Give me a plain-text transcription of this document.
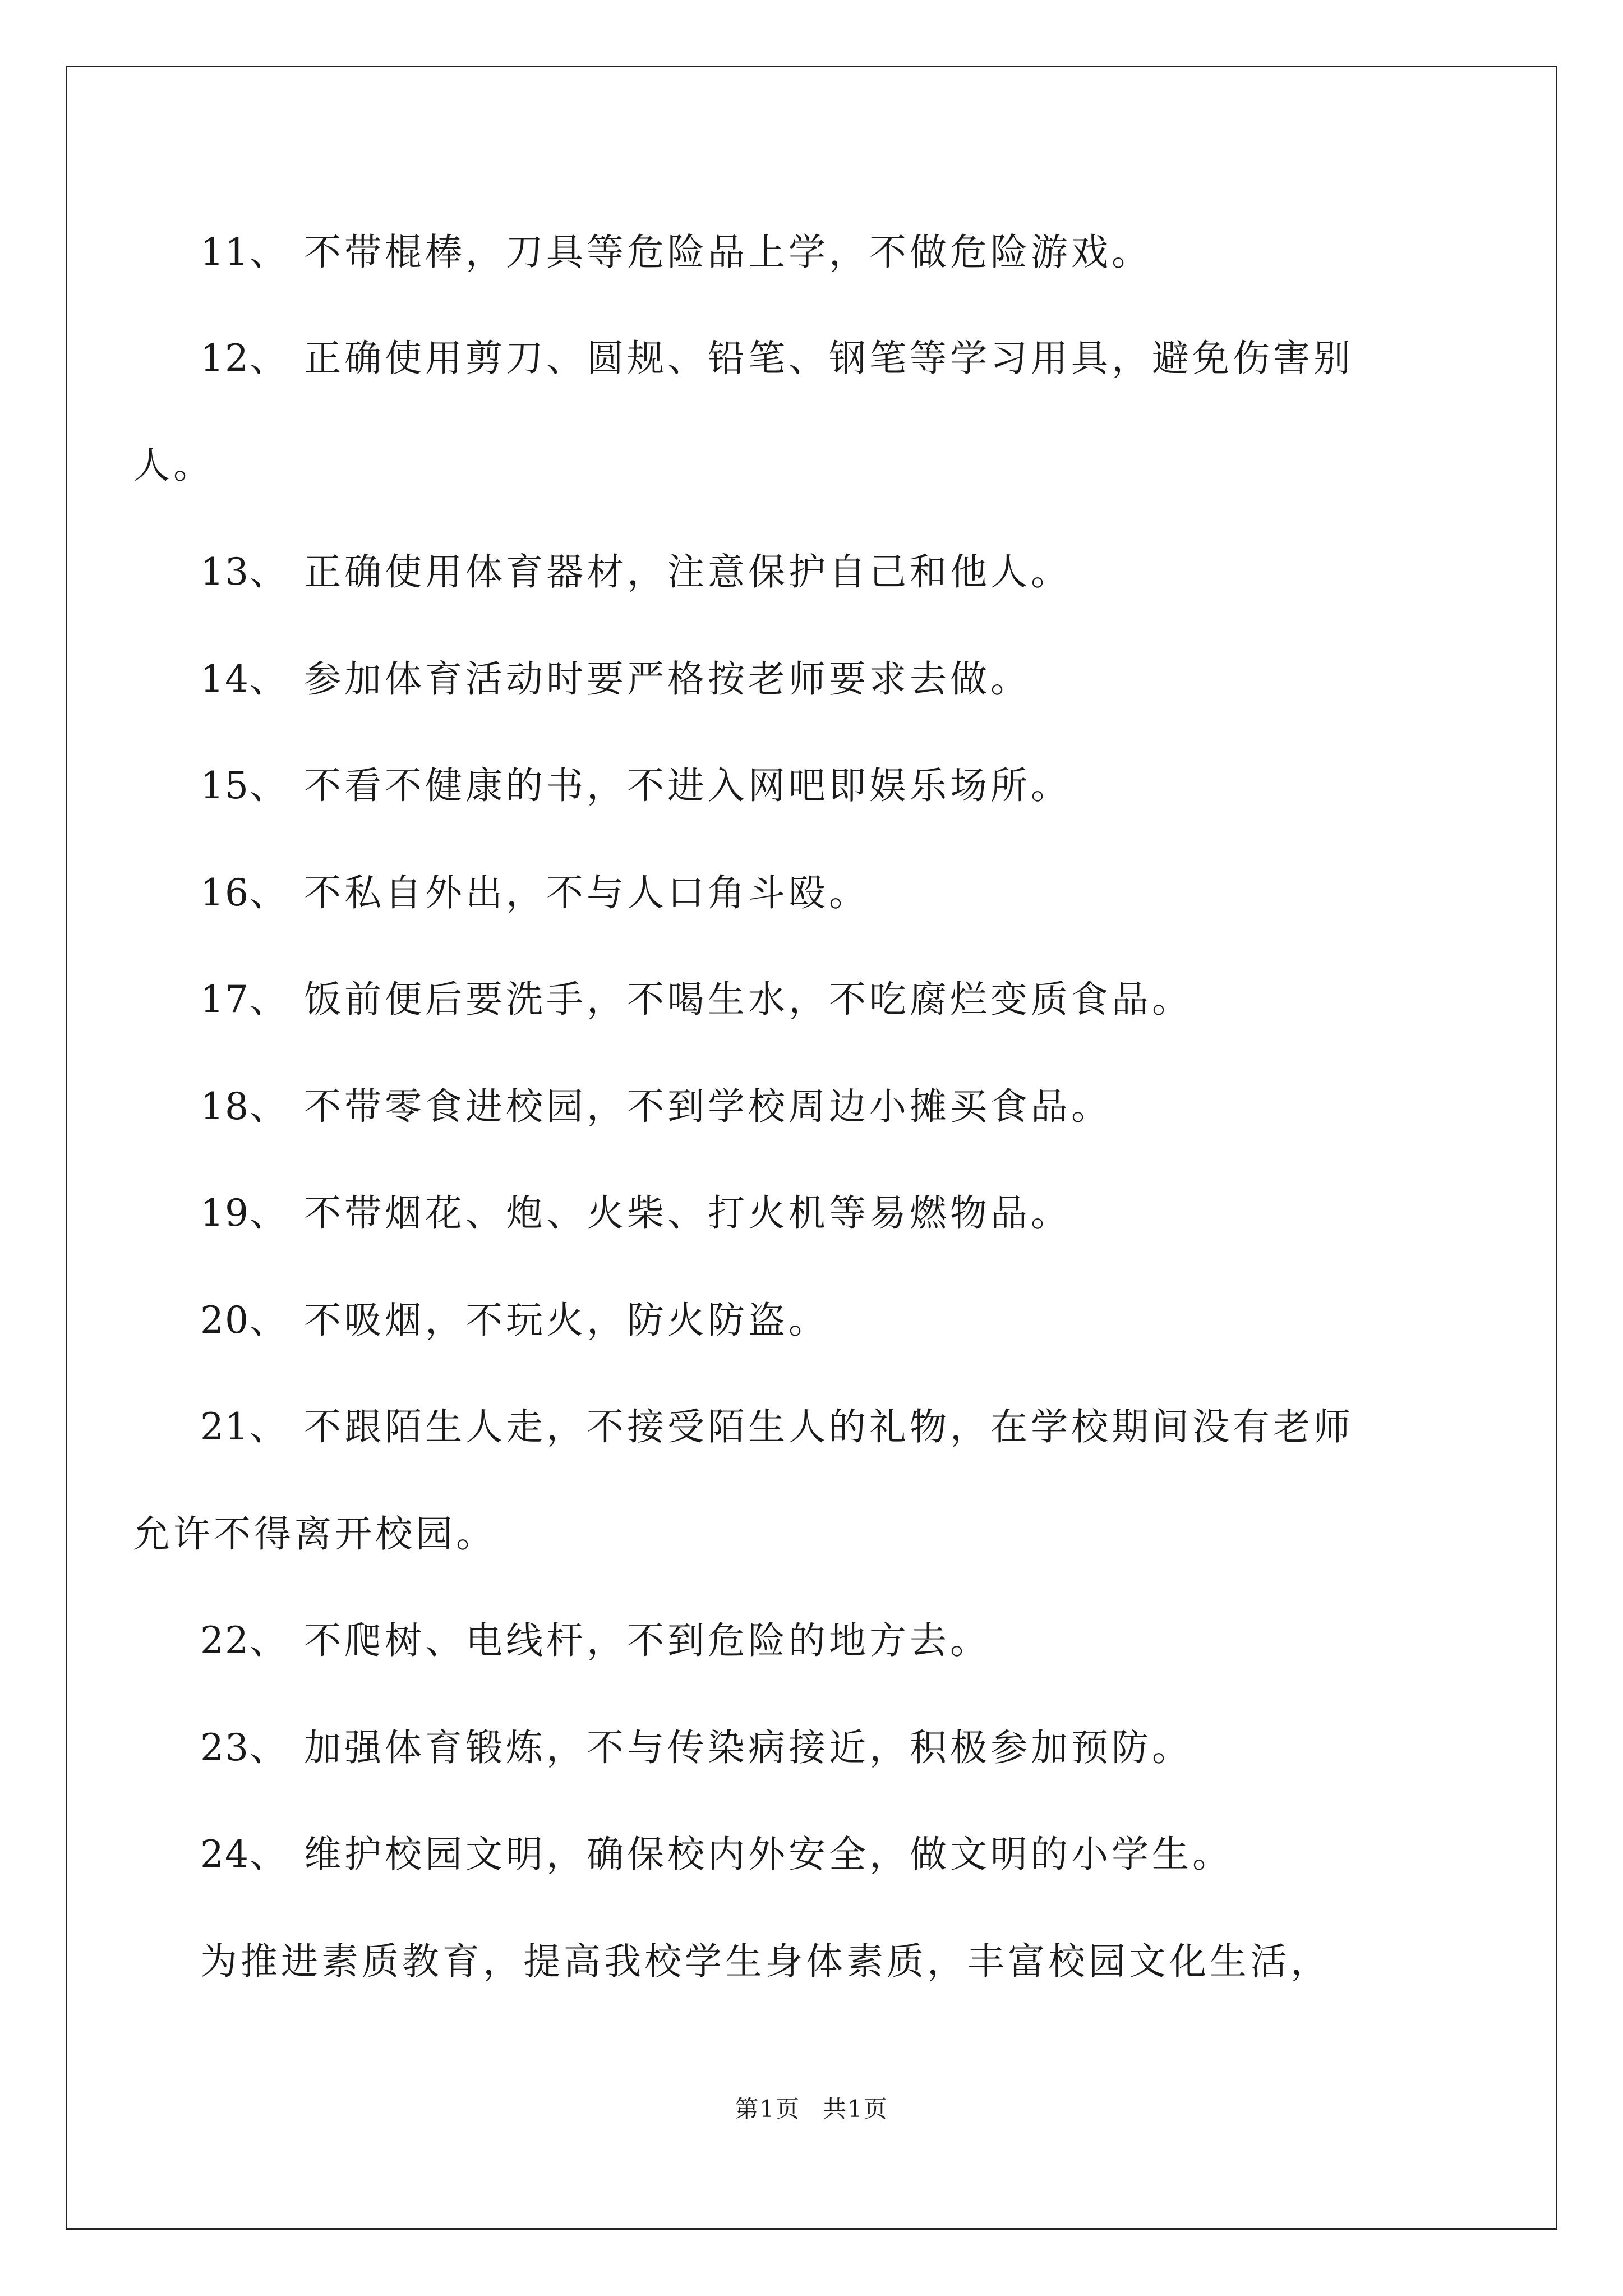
11、 不带棍棒，刀具等危险品上学，不做危险游戏。
12、 正确使用剪刀、圆规、铅笔、钢笔等学习用具，避免伤害别
人。
13、 正确使用体育器材，注意保护自己和他人。
14、 参加体育活动时要严格按老师要求去做。
15、 不看不健康的书，不进入网吧即娱乐场所。
16、 不私自外出，不与人口角斗殴。
17、 饭前便后要洗手，不喝生水，不吃腐烂变质食品。
18、 不带零食进校园，不到学校周边小摊买食品。
19、 不带烟花、炮、火柴、打火机等易燃物品。
20、 不吸烟，不玩火，防火防盗。
21、 不跟陌生人走，不接受陌生人的礼物，在学校期间没有老师
允许不得离开校园。
22、 不爬树、电线杆，不到危险的地方去。
23、 加强体育锻炼，不与传染病接近，积极参加预防。
24、 维护校园文明，确保校内外安全，做文明的小学生。
为推进素质教育，提高我校学生身体素质，丰富校园文化生活，
第1页 共1页
